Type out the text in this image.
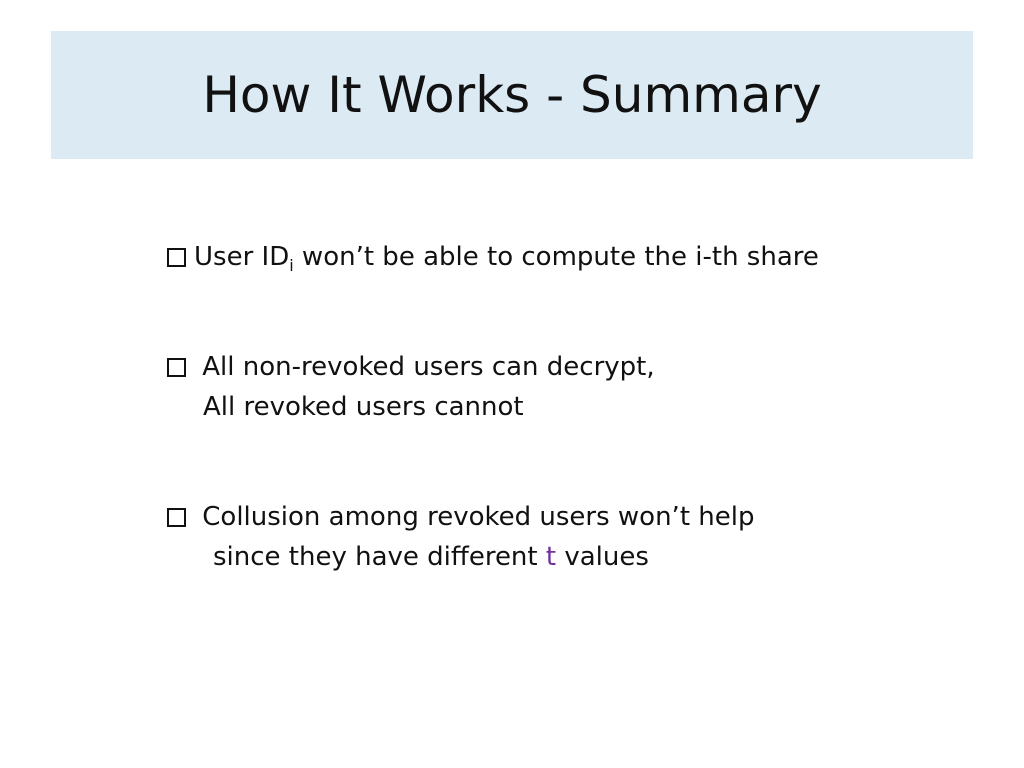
How It Works - Summary
User $ID_i$ won’t be able to compute the i-th share
All non-revoked users can decrypt,
All revoked users cannot
Collusion among revoked users won’t help
since they have different t values
